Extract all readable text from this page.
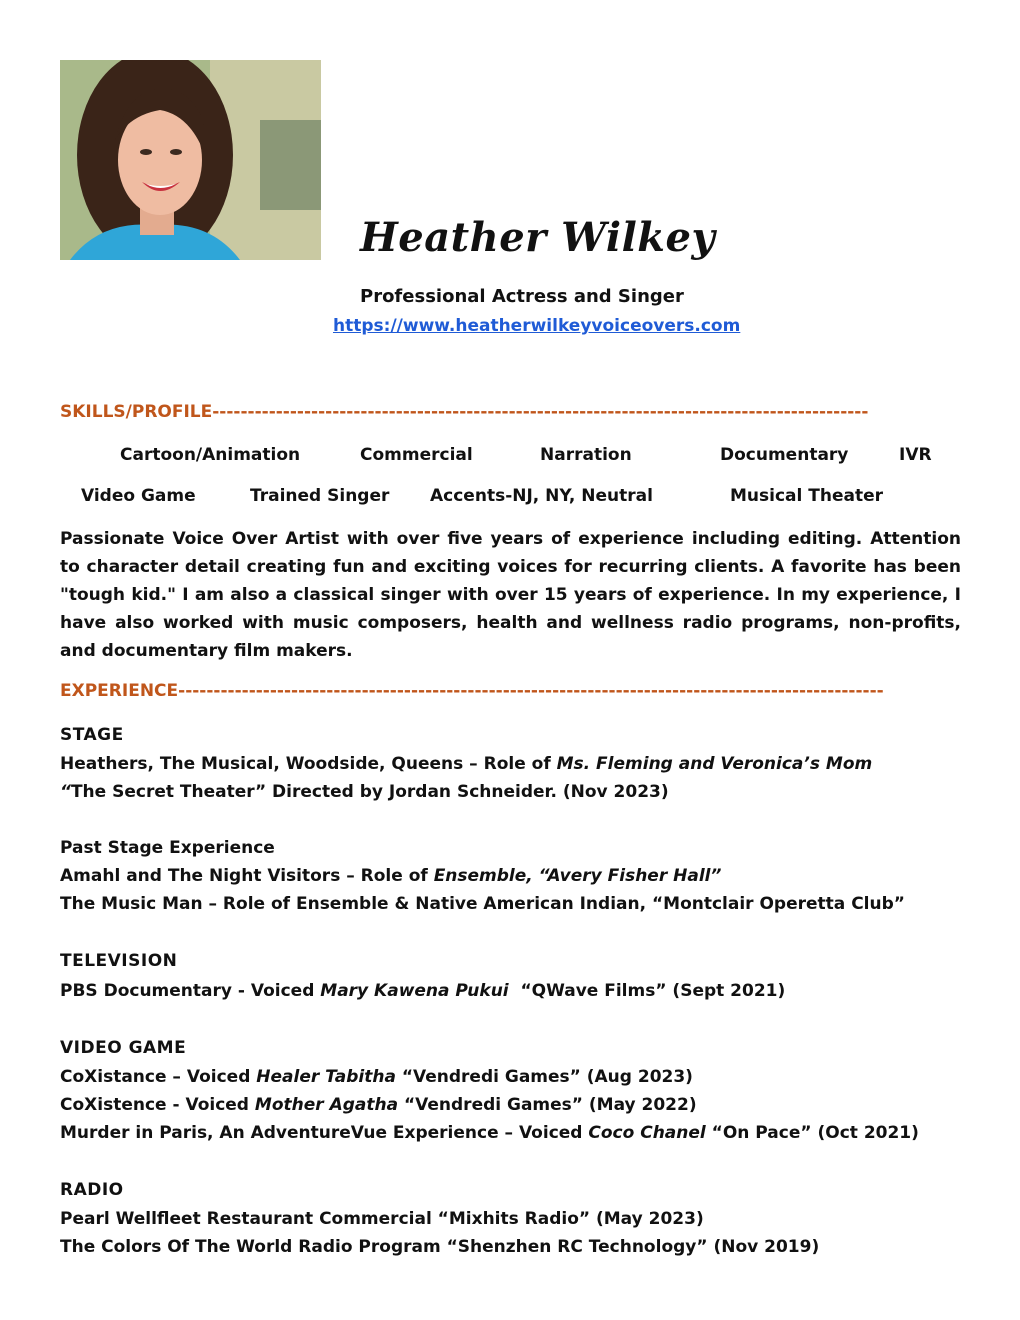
Heather Wilkey
Professional Actress and Singer
https://www.heatherwilkeyvoiceovers.com
SKILLS/PROFILE---------------------------------------------------------------------------------------------
Cartoon/Animation	Commercial	Narration	Documentary	IVR
Video Game	Trained Singer Accents-NJ, NY, Neutral	Musical Theater
Passionate Voice Over Artist with over five years of experience including editing. Attention to character detail creating fun and exciting voices for recurring clients. A favorite has been "tough kid." I am also a classical singer with over 15 years of experience. In my experience, I have also worked with music composers, health and wellness radio programs, non-profits, and documentary film makers.
EXPERIENCE----------------------------------------------------------------------------------------------------
STAGE
Heathers, The Musical, Woodside, Queens – Role of Ms. Fleming and Veronica’s Mom
“The Secret Theater” Directed by Jordan Schneider. (Nov 2023)
Past Stage Experience
Amahl and The Night Visitors – Role of Ensemble, “Avery Fisher Hall”
The Music Man – Role of Ensemble & Native American Indian, “Montclair Operetta Club”
TELEVISION
PBS Documentary - Voiced Mary Kawena Pukui  “QWave Films” (Sept 2021)
VIDEO GAME
CoXistance – Voiced Healer Tabitha “Vendredi Games” (Aug 2023)
CoXistence - Voiced Mother Agatha “Vendredi Games” (May 2022)
Murder in Paris, An AdventureVue Experience – Voiced Coco Chanel “On Pace” (Oct 2021)
RADIO
Pearl Wellfleet Restaurant Commercial “Mixhits Radio” (May 2023)
The Colors Of The World Radio Program “Shenzhen RC Technology” (Nov 2019)
